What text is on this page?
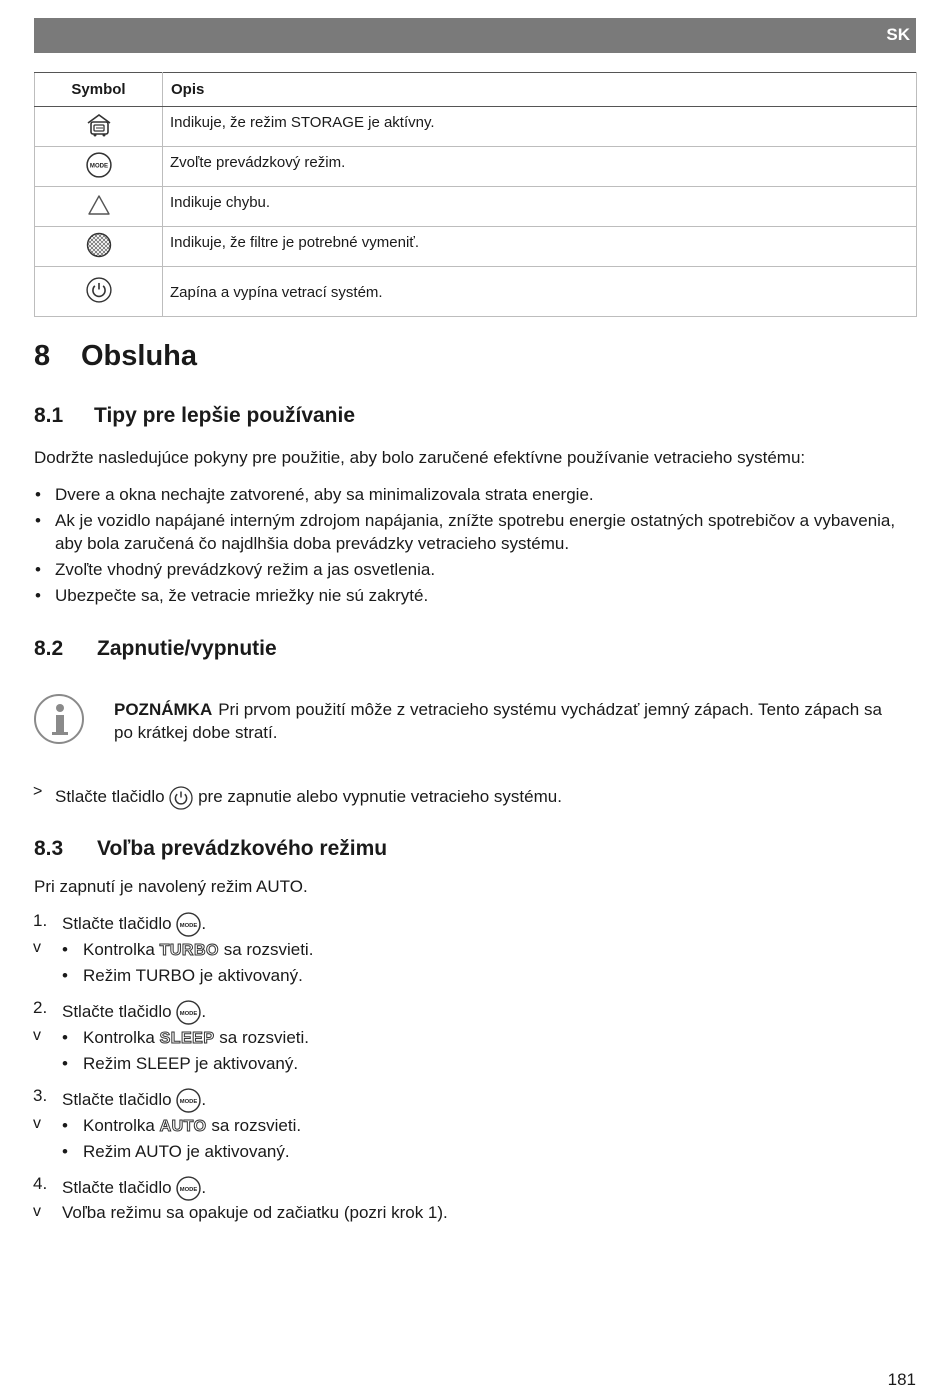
SK
Symbol	Opis
	Indikuje, že režim STORAGE je aktívny.
	Zvoľte prevádzkový režim.
	Indikuje chybu.
	Indikuje, že filtre je potrebné vymeniť.
	Zapína a vypína vetrací systém.
8 Obsluha
8.1 Tipy pre lepšie používanie

Dodržte nasledujúce pokyny pre použitie, aby bolo zaručené efektívne používanie vetracieho systému:

• Dvere a okna nechajte zatvorené, aby sa minimalizovala strata energie.
• Ak je vozidlo napájané interným zdrojom napájania, znížte spotrebu energie ostatných spotrebičov a vybavenia, aby bola zaručená čo najdlhšia doba prevádzky vetracieho systému.
• Zvoľte vhodný prevádzkový režim a jas osvetlenia.
• Ubezpečte sa, že vetracie mriežky nie sú zakryté.
8.2 Zapnutie/vypnutie
POZNÁMKA Pri prvom použití môže z vetracieho systému vychádzať jemný zápach. Tento zápach sa po krátkej dobe stratí.
> Stlačte tlačidlo pre zapnutie alebo vypnutie vetracieho systému.
8.3 Voľba prevádzkového režimu

Pri zapnutí je navolený režim AUTO.

1. Stlačte tlačidlo .
v	• Kontrolka TURBO sa rozsvieti.
• Režim TURBO je aktivovaný.
2. Stlačte tlačidlo .
v	• Kontrolka SLEEP sa rozsvieti.
• Režim SLEEP je aktivovaný.
3. Stlačte tlačidlo .
v	• Kontrolka AUTO sa rozsvieti.
• Režim AUTO je aktivovaný.
4. Stlačte tlačidlo .
v Voľba režimu sa opakuje od začiatku (pozri krok 1).
181
